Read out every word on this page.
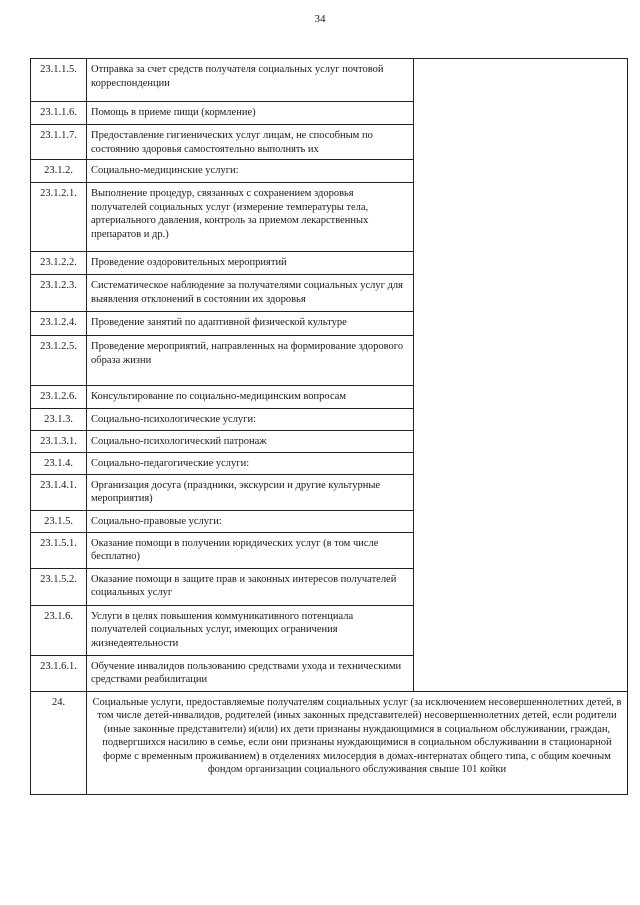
34
23.1.1.5.	Отправка за счет средств получателя социальных услуг почтовой корреспонденции	
23.1.1.6.	Помощь в приеме пищи (кормление)	
23.1.1.7.	Предоставление гигиенических услуг лицам, не способным по состоянию здоровья самостоятельно выполнять их	
23.1.2.	Социально-медицинские услуги:	
23.1.2.1.	Выполнение процедур, связанных с сохранением здоровья получателей социальных услуг (измерение температуры тела, артериального давления, контроль за приемом лекарственных препаратов и др.)	
23.1.2.2.	Проведение оздоровительных мероприятий	
23.1.2.3.	Систематическое наблюдение за получателями социальных услуг для выявления отклонений в состоянии их здоровья	
23.1.2.4.	Проведение занятий по адаптивной физической культуре	
23.1.2.5.	Проведение мероприятий, направленных на формирование здорового образа жизни	
23.1.2.6.	Консультирование по социально-медицинским вопросам	
23.1.3.	Социально-психологические услуги:	
23.1.3.1.	Социально-психологический патронаж	
23.1.4.	Социально-педагогические услуги:	
23.1.4.1.	Организация досуга (праздники, экскурсии и другие культурные мероприятия)	
23.1.5.	Социально-правовые услуги:	
23.1.5.1.	Оказание помощи в получении юридических услуг (в том числе бесплатно)	
23.1.5.2.	Оказание помощи в защите прав и законных интересов получателей социальных услуг	
23.1.6.	Услуги в целях повышения коммуникативного потенциала получателей социальных услуг, имеющих ограничения жизнедеятельности	
23.1.6.1.	Обучение инвалидов пользованию средствами ухода и техническими средствами реабилитации	
24.	Социальные услуги, предоставляемые получателям социальных услуг (за исключением несовершеннолетних детей, в том числе детей-инвалидов, родителей (иных законных представителей) несовершеннолетних детей, если родители (иные законные представители) и(или) их дети признаны нуждающимися в социальном обслуживании, граждан, подвергшихся насилию в семье, если они признаны нуждающимися в социальном обслуживании в стационарной форме с временным проживанием) в отделениях милосердия в домах-интернатах общего типа, с общим коечным фондом организации социального обслуживания свыше 101 койки	
